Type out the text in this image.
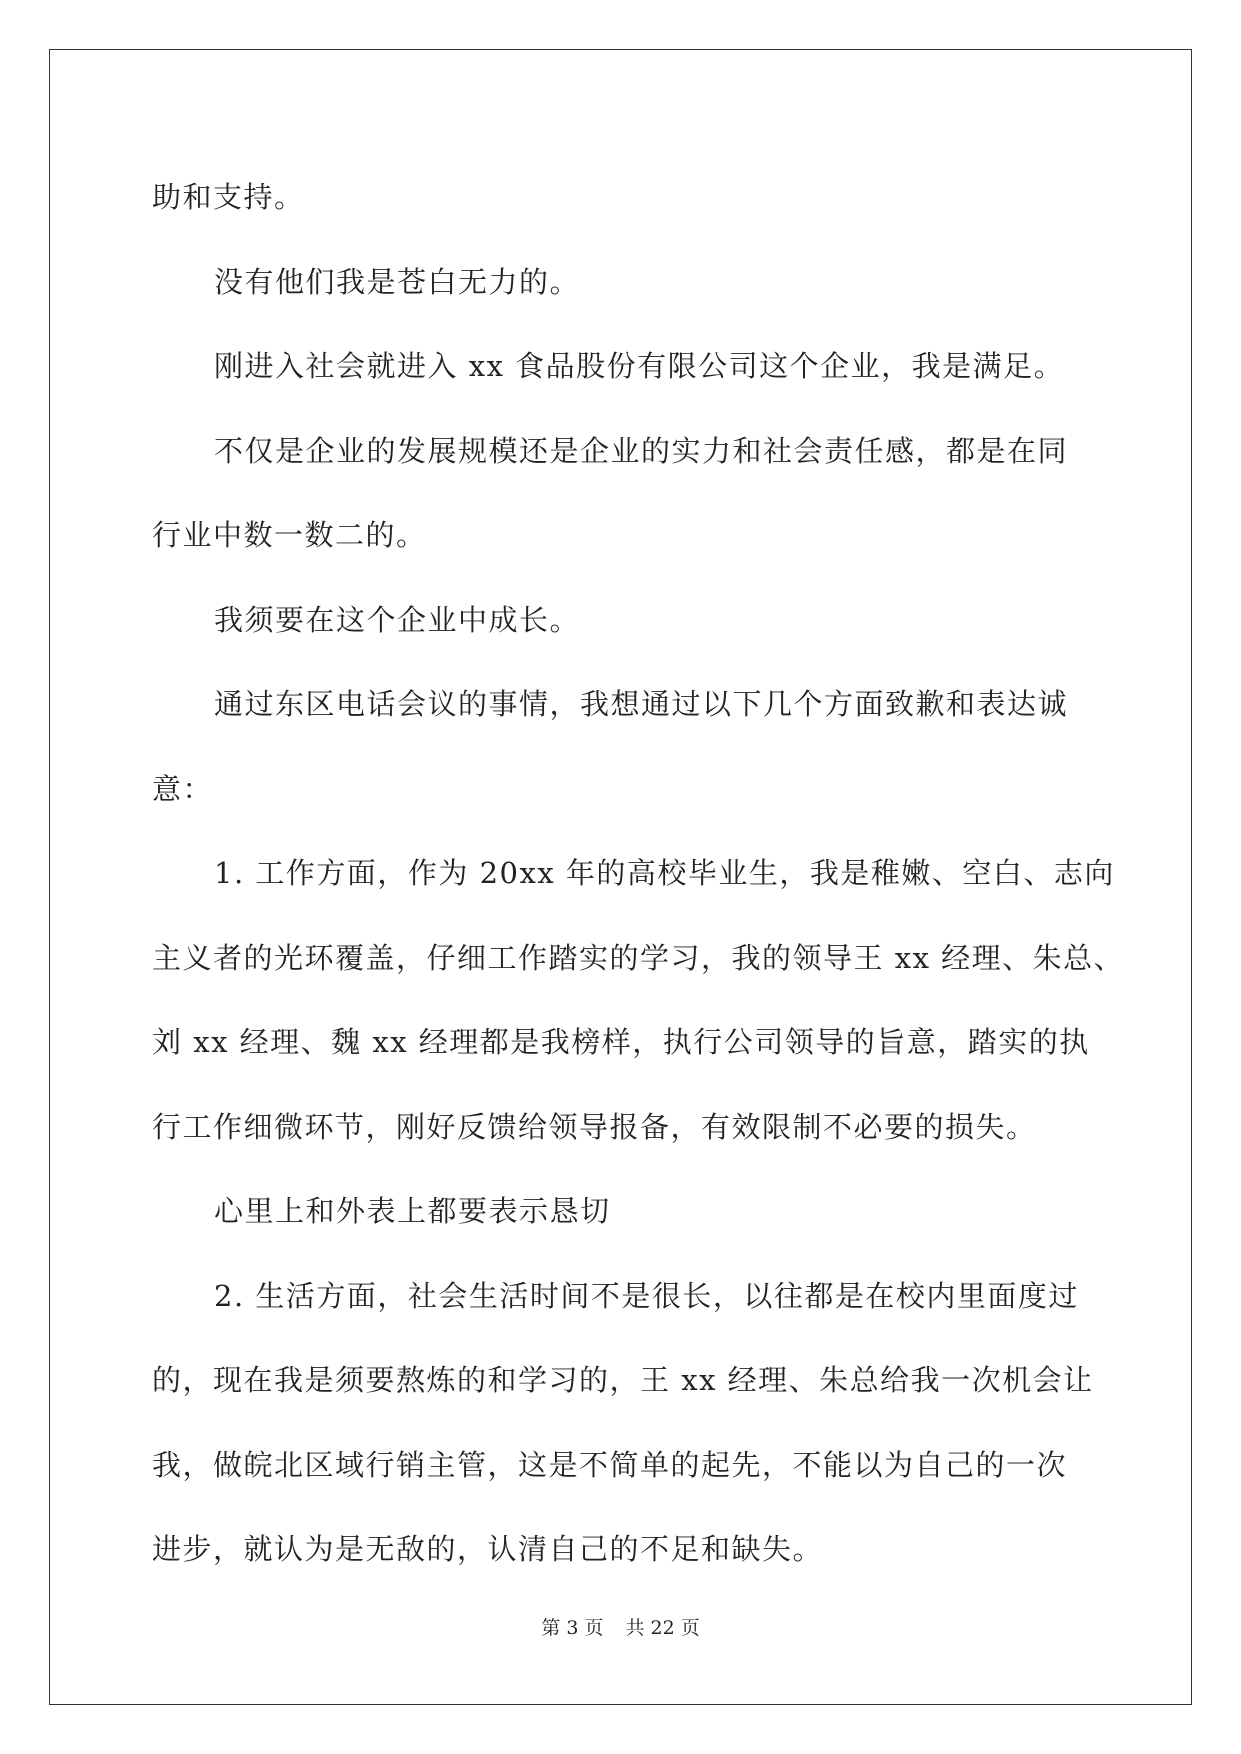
助和支持。

没有他们我是苍白无力的。

刚进入社会就进入 xx 食品股份有限公司这个企业，我是满足。

不仅是企业的发展规模还是企业的实力和社会责任感，都是在同

行业中数一数二的。

我须要在这个企业中成长。

通过东区电话会议的事情，我想通过以下几个方面致歉和表达诚

意：

1. 工作方面，作为 20xx 年的高校毕业生，我是稚嫩、空白、志向

主义者的光环覆盖，仔细工作踏实的学习，我的领导王 xx 经理、朱总、

刘 xx 经理、魏 xx 经理都是我榜样，执行公司领导的旨意，踏实的执

行工作细微环节，刚好反馈给领导报备，有效限制不必要的损失。

心里上和外表上都要表示恳切

2. 生活方面，社会生活时间不是很长，以往都是在校内里面度过

的，现在我是须要熬炼的和学习的，王 xx 经理、朱总给我一次机会让

我，做皖北区域行销主管，这是不简单的起先，不能以为自己的一次

进步，就认为是无敌的，认清自己的不足和缺失。

第 3 页 共 22 页
